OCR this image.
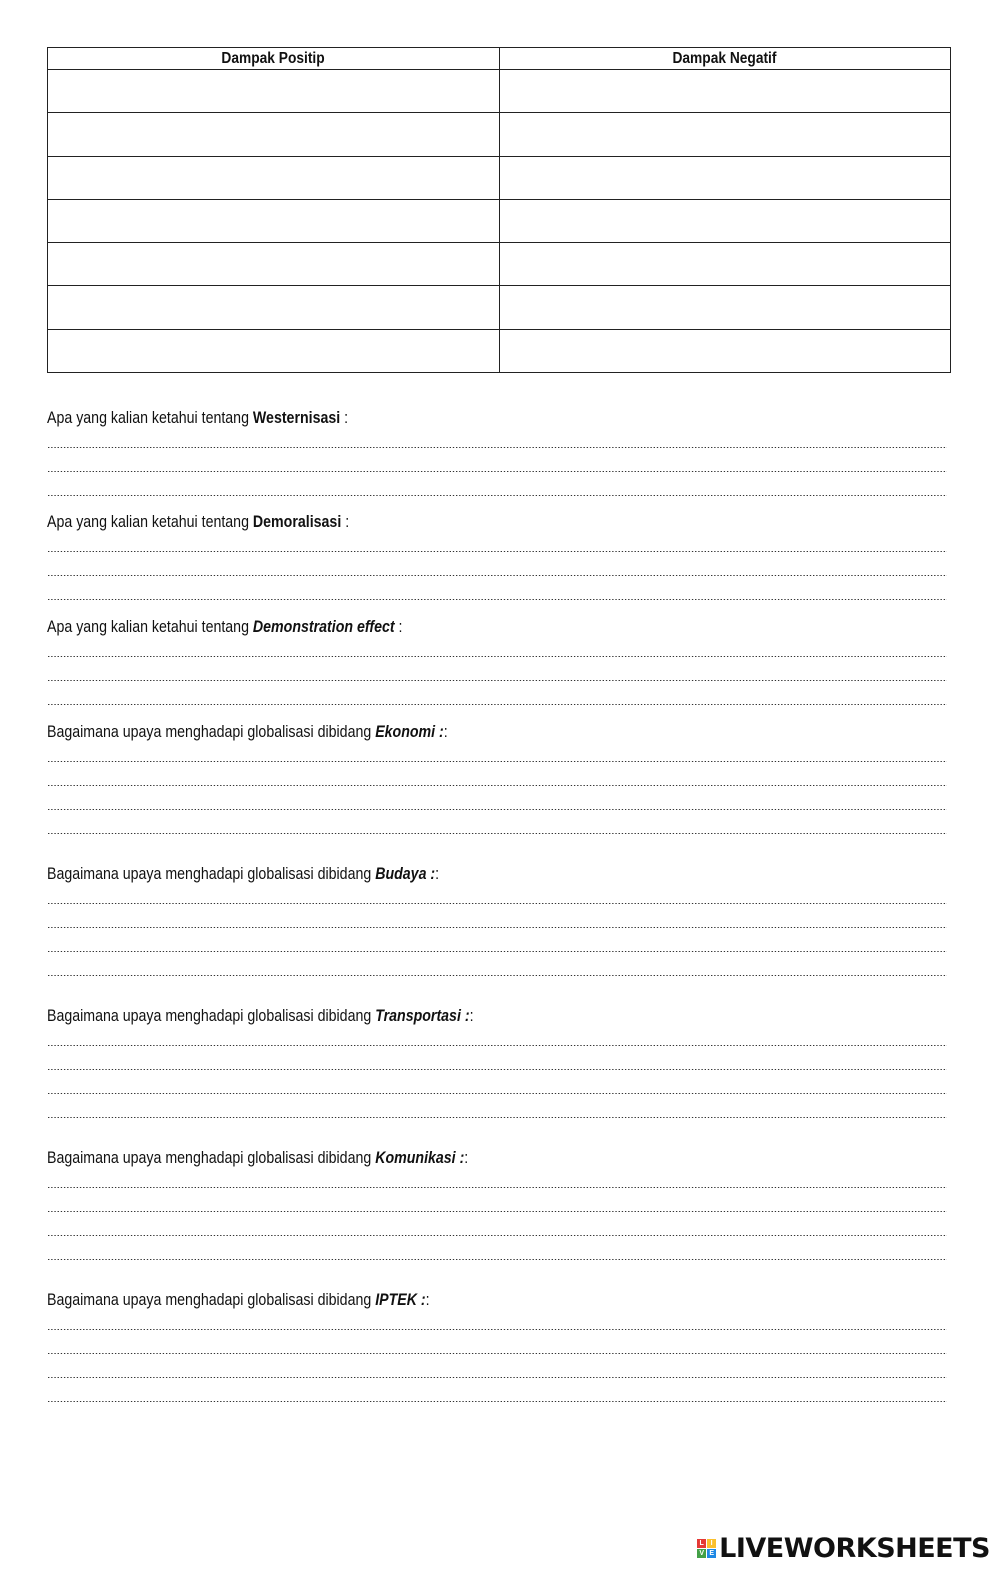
Dampak Positip	Dampak Negatif

Apa yang kalian ketahui tentang Westernisasi :
Apa yang kalian ketahui tentang Demoralisasi :
Apa yang kalian ketahui tentang Demonstration effect :
Bagaimana upaya menghadapi globalisasi dibidang Ekonomi ::
Bagaimana upaya menghadapi globalisasi dibidang Budaya ::
Bagaimana upaya menghadapi globalisasi dibidang Transportasi ::
Bagaimana upaya menghadapi globalisasi dibidang Komunikasi ::
Bagaimana upaya menghadapi globalisasi dibidang IPTEK ::
L I
V E LIVEWORKSHEETS
